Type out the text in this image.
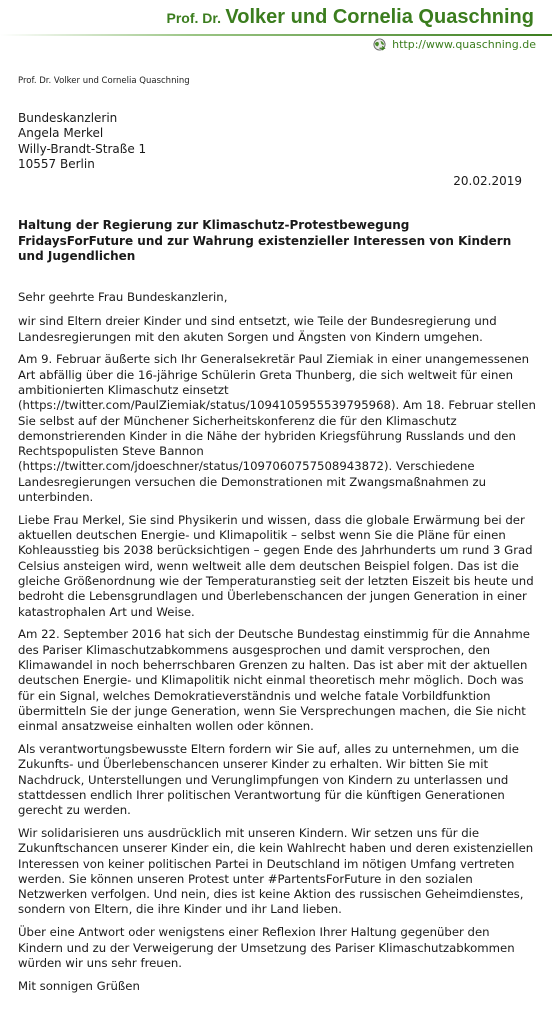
Prof. Dr. Volker und Cornelia Quaschning
http://www.quaschning.de
Prof. Dr. Volker und Cornelia Quaschning
Bundeskanzlerin
Angela Merkel
Willy-Brandt-Straße 1
10557 Berlin
20.02.2019
Haltung der Regierung zur Klimaschutz-Protestbewegung FridaysForFuture und zur Wahrung existenzieller Interessen von Kindern und Jugendlichen

Sehr geehrte Frau Bundeskanzlerin,

wir sind Eltern dreier Kinder und sind entsetzt, wie Teile der Bundesregierung und Landesregierungen mit den akuten Sorgen und Ängsten von Kindern umgehen.

Am 9. Februar äußerte sich Ihr Generalsekretär Paul Ziemiak in einer unangemessenen Art abfällig über die 16-jährige Schülerin Greta Thunberg, die sich weltweit für einen ambitionierten Klimaschutz einsetzt (https://twitter.com/PaulZiemiak/status/1094105955539795968). Am 18. Februar stellen Sie selbst auf der Münchener Sicherheitskonferenz die für den Klimaschutz demonstrierenden Kinder in die Nähe der hybriden Kriegsführung Russlands und den Rechtspopulisten Steve Bannon (https://twitter.com/jdoeschner/status/1097060757508943872). Verschiedene Landesregierungen versuchen die Demonstrationen mit Zwangsmaßnahmen zu unterbinden.

Liebe Frau Merkel, Sie sind Physikerin und wissen, dass die globale Erwärmung bei der aktuellen deutschen Energie- und Klimapolitik – selbst wenn Sie die Pläne für einen Kohleausstieg bis 2038 berücksichtigen – gegen Ende des Jahrhunderts um rund 3 Grad Celsius ansteigen wird, wenn weltweit alle dem deutschen Beispiel folgen. Das ist die gleiche Größenordnung wie der Temperaturanstieg seit der letzten Eiszeit bis heute und bedroht die Lebensgrundlagen und Überlebenschancen der jungen Generation in einer katastrophalen Art und Weise.

Am 22. September 2016 hat sich der Deutsche Bundestag einstimmig für die Annahme des Pariser Klimaschutzabkommens ausgesprochen und damit versprochen, den Klimawandel in noch beherrschbaren Grenzen zu halten. Das ist aber mit der aktuellen deutschen Energie- und Klimapolitik nicht einmal theoretisch mehr möglich. Doch was für ein Signal, welches Demokratieverständnis und welche fatale Vorbildfunktion übermitteln Sie der junge Generation, wenn Sie Versprechungen machen, die Sie nicht einmal ansatzweise einhalten wollen oder können.

Als verantwortungsbewusste Eltern fordern wir Sie auf, alles zu unternehmen, um die Zukunfts- und Überlebenschancen unserer Kinder zu erhalten. Wir bitten Sie mit Nachdruck, Unterstellungen und Verunglimpfungen von Kindern zu unterlassen und stattdessen endlich Ihrer politischen Verantwortung für die künftigen Generationen gerecht zu werden.

Wir solidarisieren uns ausdrücklich mit unseren Kindern. Wir setzen uns für die Zukunftschancen unserer Kinder ein, die kein Wahlrecht haben und deren existenziellen Interessen von keiner politischen Partei in Deutschland im nötigen Umfang vertreten werden. Sie können unseren Protest unter #PartentsForFuture in den sozialen Netzwerken verfolgen. Und nein, dies ist keine Aktion des russischen Geheimdienstes, sondern von Eltern, die ihre Kinder und ihr Land lieben.

Über eine Antwort oder wenigstens einer Reflexion Ihrer Haltung gegenüber den Kindern und zu der Verweigerung der Umsetzung des Pariser Klimaschutzabkommen würden wir uns sehr freuen.

Mit sonnigen Grüßen
